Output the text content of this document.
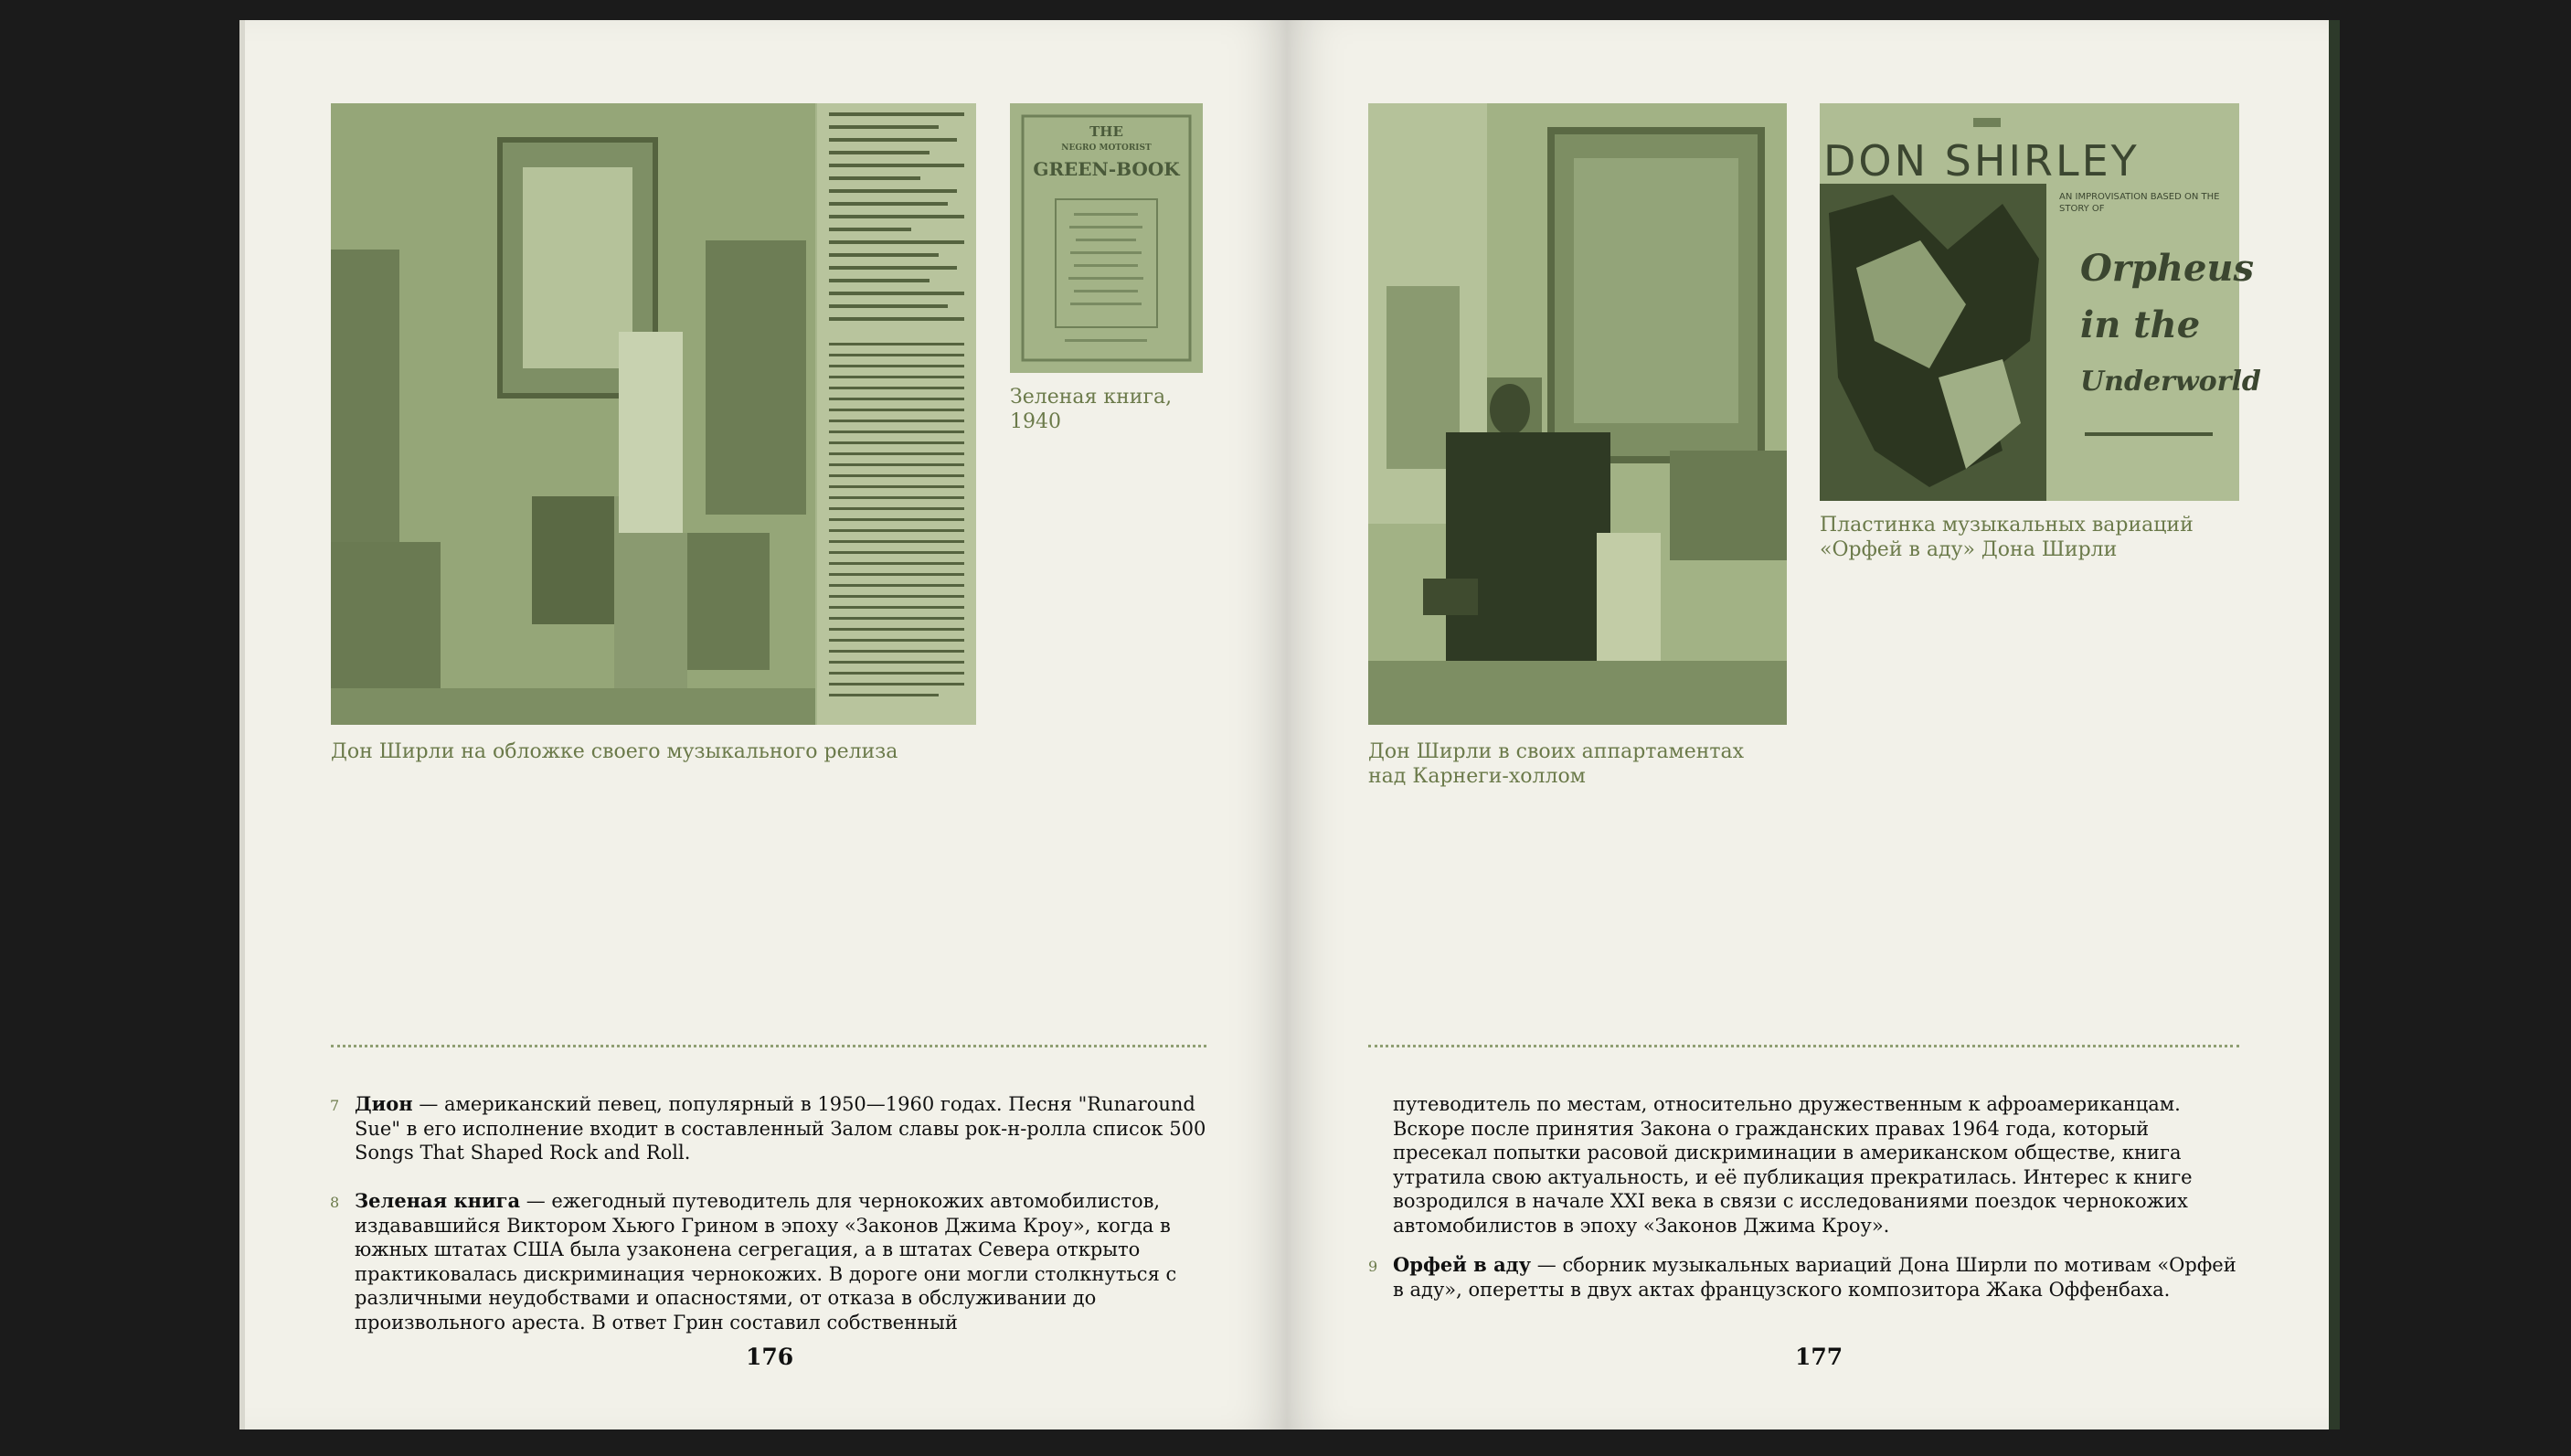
Дон Ширли на обложке своего музыкального релиза
THE
NEGRO MOTORIST
GREEN-BOOK
Зеленая книга,
1940
7 Дион — американский певец, популярный в 1950—1960 годах. Песня "Runaround Sue" в его исполнение входит в составленный Залом славы рок-н-ролла список 500 Songs That Shaped Rock and Roll.
8 Зеленая книга — ежегодный путеводитель для чернокожих автомобилистов, издававшийся Виктором Хьюго Грином в эпоху «Законов Джима Кроу», когда в южных штатах США была узаконена сегрегация, а в штатах Севера открыто практиковалась дискриминация чернокожих. В дороге они могли столкнуться с различными неудобствами и опасностями, от отказа в обслуживании до произвольного ареста. В ответ Грин составил собственный
176
Дон Ширли в своих аппартаментах
над Карнеги-холлом
DON SHIRLEY
AN IMPROVISATION BASED ON THE STORY OF
Orpheus
in the
Underworld
Пластинка музыкальных вариаций
«Орфей в аду» Дона Ширли
путеводитель по местам, относительно дружественным к афроамериканцам. Вскоре после принятия Закона о гражданских правах 1964 года, который пресекал попытки расовой дискриминации в американском обществе, книга утратила свою актуальность, и её публикация прекратилась. Интерес к книге возродился в начале XXI века в связи с исследованиями поездок чернокожих автомобилистов в эпоху «Законов Джима Кроу».
9 Орфей в аду — сборник музыкальных вариаций Дона Ширли по мотивам «Орфей в аду», оперетты в двух актах французского композитора Жака Оффенбаха.
177
